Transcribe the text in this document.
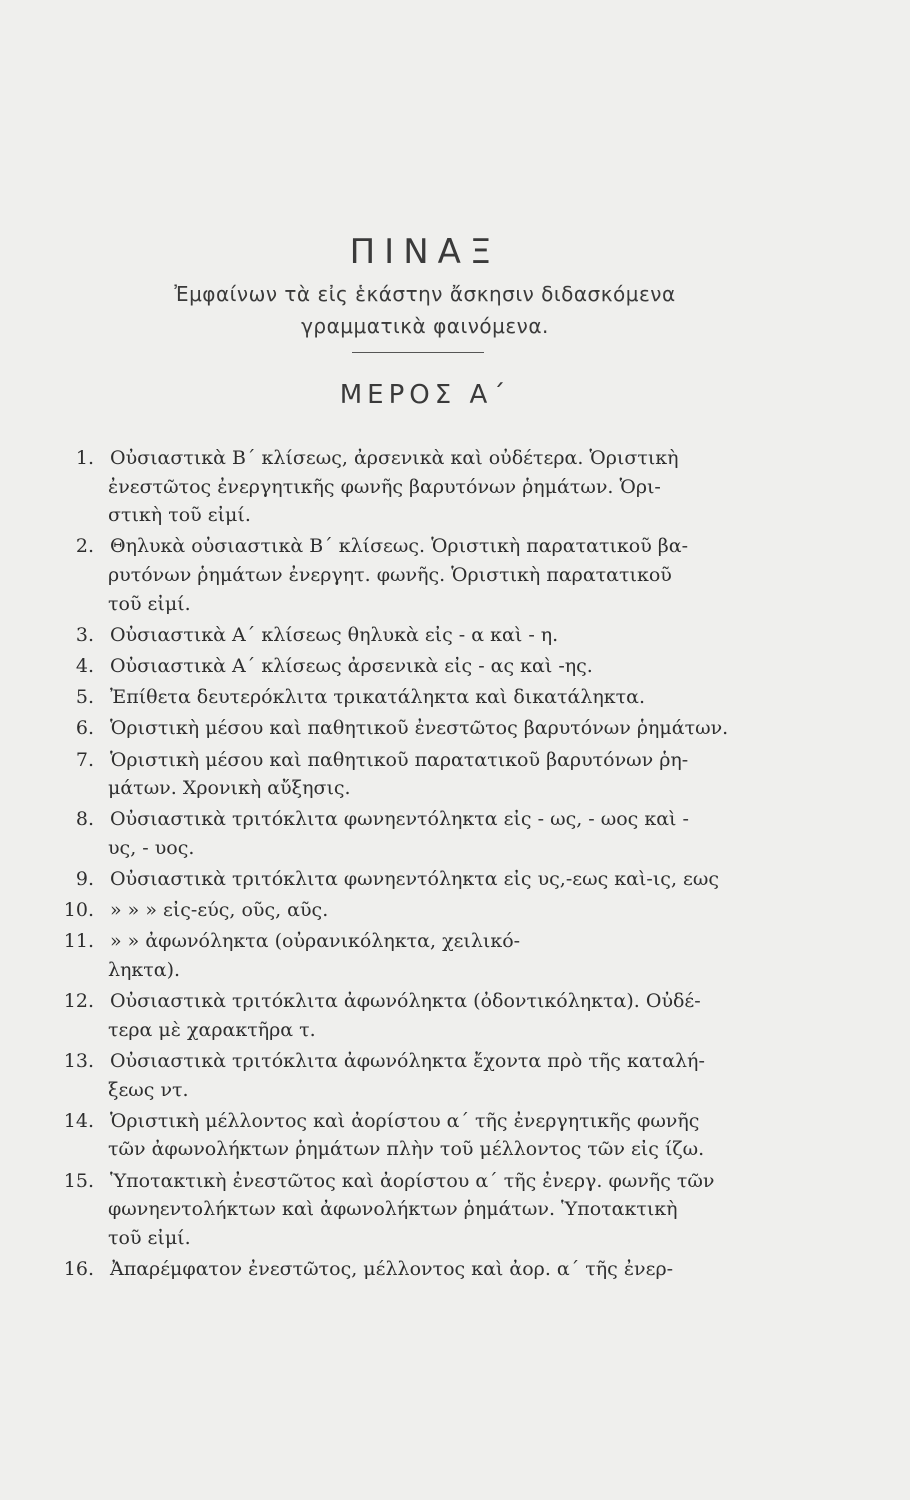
ΠΙΝΑΞ
Ἐμφαίνων τὰ εἰς ἑκάστην ἄσκησιν διδασκόμενα
γραμματικὰ φαινόμενα.
ΜΕΡΟΣ Α΄
1. Οὐσιαστικὰ Β΄ κλίσεως, ἀρσενικὰ καὶ οὐδέτερα. Ὁριστικὴ
ἐνεστῶτος ἐνεργητικῆς φωνῆς βαρυτόνων ῥημάτων. Ὁρι-
στικὴ τοῦ εἰμί.
2. Θηλυκὰ οὐσιαστικὰ Β΄ κλίσεως. Ὁριστικὴ παρατατικοῦ βα-
ρυτόνων ῥημάτων ἐνεργητ. φωνῆς. Ὁριστικὴ παρατατικοῦ
τοῦ εἰμί.
3. Οὐσιαστικὰ Α΄ κλίσεως θηλυκὰ εἰς - α καὶ - η.
4. Οὐσιαστικὰ Α΄ κλίσεως ἀρσενικὰ εἰς - ας καὶ -ης.
5. Ἐπίθετα δευτερόκλιτα τρικατάληκτα καὶ δικατάληκτα.
6. Ὁριστικὴ μέσου καὶ παθητικοῦ ἐνεστῶτος βαρυτόνων ῥημάτων.
7. Ὁριστικὴ μέσου καὶ παθητικοῦ παρατατικοῦ βαρυτόνων ῥη-
μάτων. Χρονικὴ αὔξησις.
8. Οὐσιαστικὰ τριτόκλιτα φωνηεντόληκτα εἰς - ως, - ωος καὶ -
υς, - υος.
9. Οὐσιαστικὰ τριτόκλιτα φωνηεντόληκτα εἰς υς,-εως καὶ-ις, εως
10. » » » εἰς-εύς, οῦς, αῦς.
11. » » ἀφωνόληκτα (οὐρανικόληκτα, χειλικό-
ληκτα).
12. Οὐσιαστικὰ τριτόκλιτα ἀφωνόληκτα (ὀδοντικόληκτα). Οὐδέ-
τερα μὲ χαρακτῆρα τ.
13. Οὐσιαστικὰ τριτόκλιτα ἀφωνόληκτα ἔχοντα πρὸ τῆς καταλή-
ξεως ντ.
14. Ὁριστικὴ μέλλοντος καὶ ἀορίστου α΄ τῆς ἐνεργητικῆς φωνῆς
τῶν ἀφωνολήκτων ῥημάτων πλὴν τοῦ μέλλοντος τῶν εἰς ίζω.
15. Ὑποτακτικὴ ἐνεστῶτος καὶ ἀορίστου α΄ τῆς ἐνεργ. φωνῆς τῶν
φωνηεντολήκτων καὶ ἀφωνολήκτων ῥημάτων. Ὑποτακτικὴ
τοῦ εἰμί.
16. Ἀπαρέμφατον ἐνεστῶτος, μέλλοντος καὶ ἀορ. α΄ τῆς ἐνερ-
